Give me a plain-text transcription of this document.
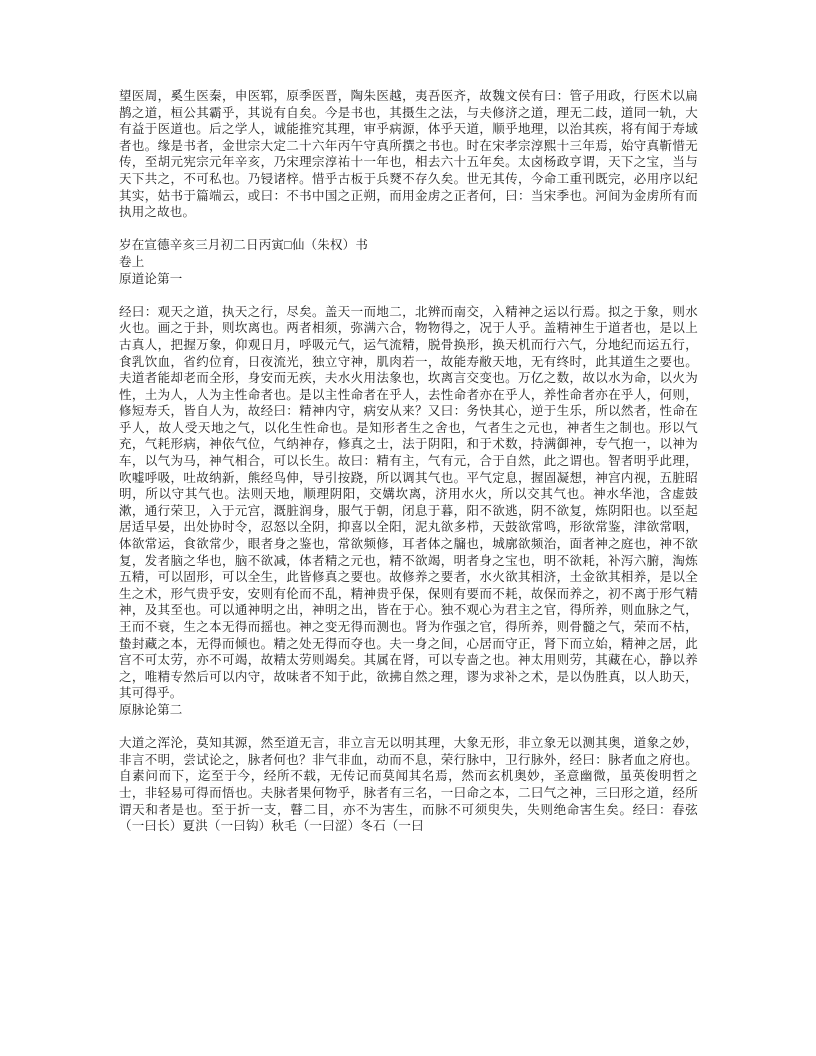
望医周，奚生医秦，申医郓，原季医晋，陶朱医越，夷吾医齐，故魏文侯有曰：管子用政，行医术以扁鹊之道，桓公其霸乎，其说有自矣。今是书也，其摄生之法，与夫修济之道，理无二歧，道同一轨，大有益于医道也。后之学人，诚能推究其理，审乎病源，体乎天道，顺乎地理，以治其疾，将有闻于寿域者也。缘是书者，金世宗大定二十六年丙午守真所撰之书也。时在宋孝宗淳熙十三年焉，始守真靳惜无传，至胡元宪宗元年辛亥，乃宋理宗淳祐十一年也，相去六十五年矣。太卤杨政亨谓，天下之宝，当与天下共之，不可私也。乃锓诸梓。惜乎古板于兵燹不存久矣。世无其传，今命工重刊既完，必用序以纪其实，姑书于篇端云，或曰：不书中国之正朔，而用金虏之正者何，曰：当宋季也。河间为金虏所有而执用之故也。

岁在宣德辛亥三月初二日丙寅□仙（朱权）书

卷上

原道论第一

经曰：观天之道，执天之行，尽矣。盖天一而地二，北辨而南交，入精神之运以行焉。拟之于象，则水火也。画之于卦，则坎离也。两者相须，弥满六合，物物得之，况于人乎。盖精神生于道者也，是以上古真人，把握万象，仰观日月，呼吸元气，运气流精，脱骨换形，换天机而行六气，分地纪而运五行，食乳饮血，省约位育，日夜流光，独立守神，肌肉若一，故能寿敝天地，无有终时，此其道生之要也。夫道者能却老而全形，身安而无疾，夫水火用法象也，坎离言交变也。万亿之数，故以水为命，以火为性，土为人，人为主性命者也。是以主性命者在乎人，去性命者亦在乎人，养性命者亦在乎人，何则，修短寿夭，皆自人为，故经曰：精神内守，病安从来？又曰：务快其心，逆于生乐，所以然者，性命在乎人，故人受天地之气，以化生性命也。是知形者生之舍也，气者生之元也，神者生之制也。形以气充，气耗形病，神依气位，气纳神存，修真之士，法于阴阳，和于术数，持满御神，专气抱一，以神为车，以气为马，神气相合，可以长生。故曰：精有主，气有元，合于自然，此之谓也。智者明乎此理，吹嘘呼吸，吐故纳新，熊经鸟伸，导引按跷，所以调其气也。平气定息，握固凝想，神宫内视，五脏昭明，所以守其气也。法则天地，顺理阴阳，交媾坎离，济用水火，所以交其气也。神水华池，含虚鼓漱，通行荣卫，入于元宫，溉脏润身，服气于朝，闭息于暮，阳不欲逃，阴不欲复，炼阴阳也。以至起居适早晏，出处协时令，忍怒以全阴，抑喜以全阳，泥丸欲多栉，天鼓欲常鸣，形欲常鉴，津欲常咽，体欲常运，食欲常少，眼者身之鉴也，常欲频修，耳者体之牖也，城廓欲频治，面者神之庭也，神不欲复，发者脑之华也，脑不欲减，体者精之元也，精不欲竭，明者身之宝也，明不欲耗，补泻六腑，淘炼五精，可以固形，可以全生，此皆修真之要也。故修养之要者，水火欲其相济，土金欲其相养，是以全生之术，形气贵乎安，安则有伦而不乱，精神贵乎保，保则有要而不耗，故保而养之，初不离于形气精神，及其至也。可以通神明之出，神明之出，皆在于心。独不观心为君主之官，得所养，则血脉之气，王而不衰，生之本无得而摇也。神之变无得而测也。肾为作强之官，得所养，则骨髓之气，荣而不枯，蛰封藏之本，无得而倾也。精之处无得而夺也。夫一身之间，心居而守正，肾下而立始，精神之居，此宫不可太劳，亦不可竭，故精太劳则竭矣。其属在肾，可以专啬之也。神太用则劳，其藏在心，静以养之，唯精专然后可以内守，故味者不知于此，欲拂自然之理，谬为求补之术，是以伪胜真，以人助天，其可得乎。

原脉论第二

大道之浑沦，莫知其源，然至道无言，非立言无以明其理，大象无形，非立象无以测其奥，道象之妙，非言不明，尝试论之，脉者何也？非气非血，动而不息，荣行脉中，卫行脉外，经曰：脉者血之府也。自素问而下，迄至于今，经所不载，无传记而莫闻其名焉，然而玄机奥妙，圣意幽微，虽英俊明哲之士，非轻易可得而悟也。夫脉者果何物乎，脉者有三名，一曰命之本，二曰气之神，三曰形之道，经所谓天和者是也。至于折一支，瞽二目，亦不为害生，而脉不可须臾失，失则绝命害生矣。经曰：春弦（一曰长）夏洪（一曰钩）秋毛（一曰涩）冬石（一曰
